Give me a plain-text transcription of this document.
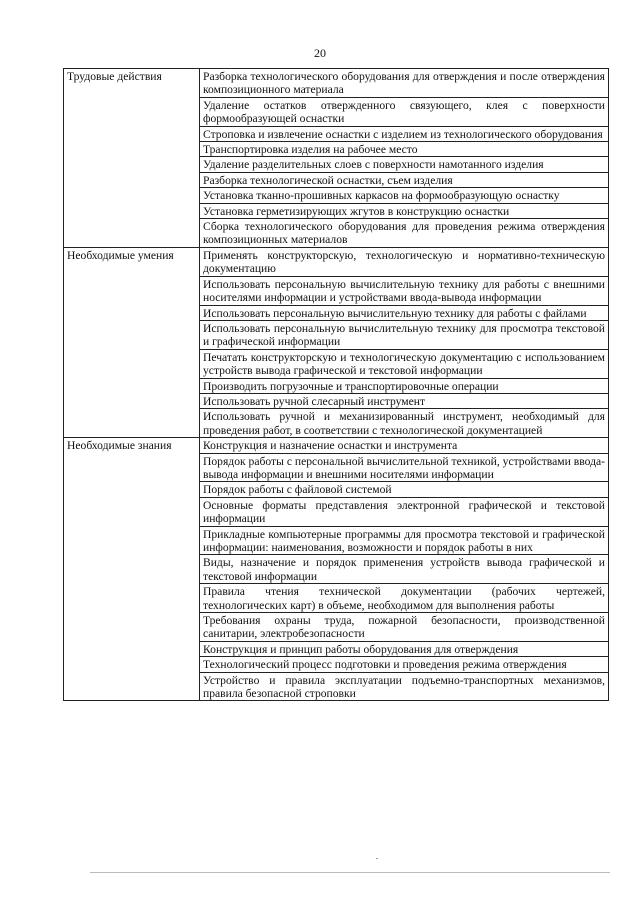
20
Трудовые действия	Разборка технологического оборудования для отверждения и после отверждения композиционного материала
	Удаление остатков отвержденного связующего, клея с поверхности формообразующей оснастки
	Строповка и извлечение оснастки с изделием из технологического оборудования
	Транспортировка изделия на рабочее место
	Удаление разделительных слоев с поверхности намотанного изделия
	Разборка технологической оснастки, съем изделия
	Установка тканно-прошивных каркасов на формообразующую оснастку
	Установка герметизирующих жгутов в конструкцию оснастки
	Сборка технологического оборудования для проведения режима отверждения композиционных материалов
Необходимые умения	Применять конструкторскую, технологическую и нормативно-техническую документацию
	Использовать персональную вычислительную технику для работы с внешними носителями информации и устройствами ввода-вывода информации
	Использовать персональную вычислительную технику для работы с файлами
	Использовать персональную вычислительную технику для просмотра текстовой и графической информации
	Печатать конструкторскую и технологическую документацию с использованием устройств вывода графической и текстовой информации
	Производить погрузочные и транспортировочные операции
	Использовать ручной слесарный инструмент
	Использовать ручной и механизированный инструмент, необходимый для проведения работ, в соответствии с технологической документацией
Необходимые знания	Конструкция и назначение оснастки и инструмента
	Порядок работы с персональной вычислительной техникой, устройствами ввода-вывода информации и внешними носителями информации
	Порядок работы с файловой системой
	Основные форматы представления электронной графической и текстовой информации
	Прикладные компьютерные программы для просмотра текстовой и графической информации: наименования, возможности и порядок работы в них
	Виды, назначение и порядок применения устройств вывода графической и текстовой информации
	Правила чтения технической документации (рабочих чертежей, технологических карт) в объеме, необходимом для выполнения работы
	Требования охраны труда, пожарной безопасности, производственной санитарии, электробезопасности
	Конструкция и принцип работы оборудования для отверждения
	Технологический процесс подготовки и проведения режима отверждения
	Устройство и правила эксплуатации подъемно-транспортных механизмов, правила безопасной строповки
